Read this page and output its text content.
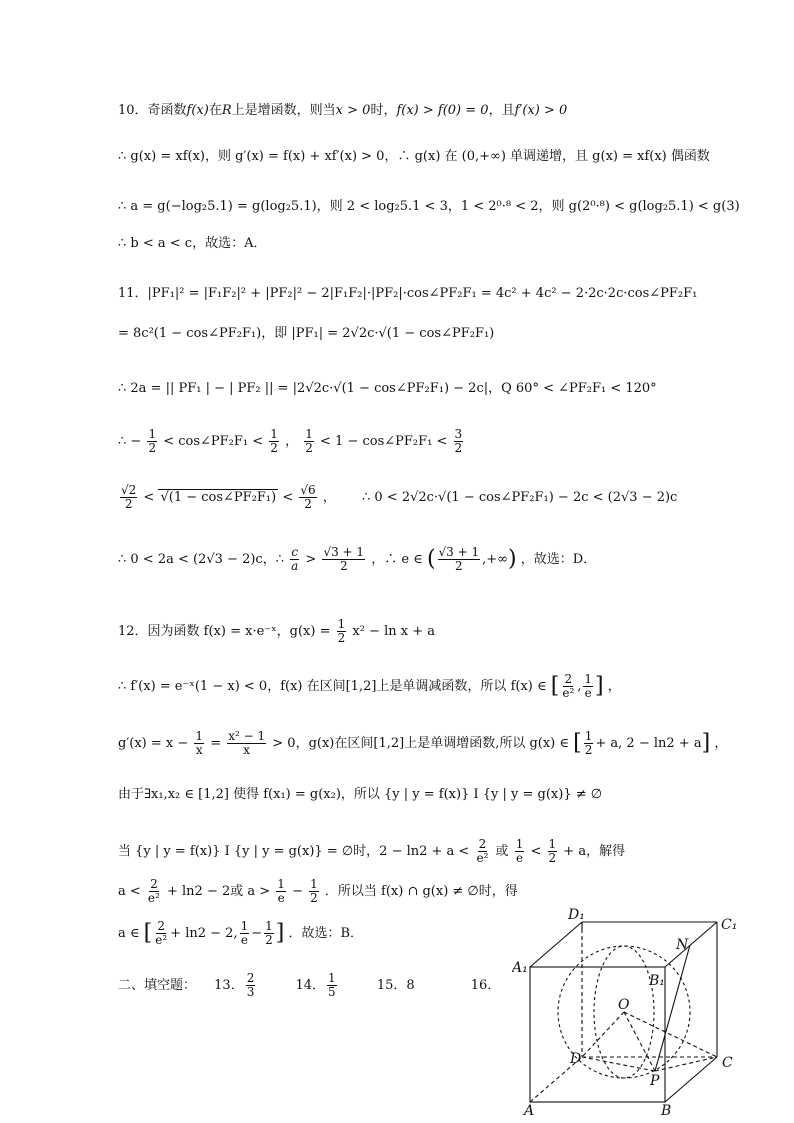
10．奇函数f(x)在R上是增函数，则当x > 0时，f(x) > f(0) = 0，且f′(x) > 0
∴ g(x) = xf(x)，则 g′(x) = f(x) + xf′(x) > 0，∴ g(x) 在 (0,+∞) 单调递增，且 g(x) = xf(x) 偶函数
∴ a = g(−log₂5.1) = g(log₂5.1)，则 2 < log₂5.1 < 3，1 < 2⁰·⁸ < 2，则 g(2⁰·⁸) < g(log₂5.1) < g(3)
∴ b < a < c，故选：A．
11．|PF₁|² = |F₁F₂|² + |PF₂|² − 2|F₁F₂|·|PF₂|·cos∠PF₂F₁ = 4c² + 4c² − 2·2c·2c·cos∠PF₂F₁
= 8c²(1 − cos∠PF₂F₁)，即 |PF₁| = 2√2c·√(1 − cos∠PF₂F₁)
∴ 2a = || PF₁ | − | PF₂ || = |2√2c·√(1 − cos∠PF₂F₁) − 2c|，Q 60° < ∠PF₂F₁ < 120°
∴ − $\frac{1}{2}$ < cos∠PF₂F₁ < $\frac{1}{2}$ ， $\frac{1}{2} < 1$ − cos∠PF₂F₁ < $\frac{3}{2}$
$\frac{√2}{2} < √(1$ − cos∠PF₂F₁) < $\frac{√6}{2}$ ， ∴ 0 < 2√2c·√(1 − cos∠PF₂F₁) − 2c < (2√3 − 2)c
∴ 0 < 2a < (2√3 − 2)c，∴ $\frac{c}{a} > \frac{√3 + 1}{2}$ ，∴ e ∈ ( $\frac{√3 + 1}{2}$ ,+∞) ，故选：D．
12．因为函数 f(x) = x·e⁻ˣ，$g(x) = \frac{1}{2} x^2 - \ln x + a$
∴ f′(x) = e⁻ˣ(1 − x) < 0，f(x) 在区间[1,2]上是单调减函数，所以 f(x) ∈ [ $\frac{2}{\text{e²}}$ , $\frac{1}{e}$ ] ，
$g'(x) = x - \frac{1}{x} = \frac{\text{x² − 1}}{x} > 0$，g(x)在区间[1,2]上是单调增函数,所以 g(x) ∈ [ $\frac{1}{2} + a$, 2 − ln2 + a] ，
由于∃x₁,x₂ ∈ [1,2] 使得 f(x₁) = g(x₂)，所以 {y | y = f(x)} I {y | y = g(x)} ≠ ∅
当 {y | y = f(x)} I {y | y = g(x)} = ∅时，$2 - \ln 2 + a < \frac{2}{\text{e²}}$ 或 $\frac{1}{e} < \frac{1}{2} + a$，解得
$a < \frac{2}{\text{e²}} + \ln 2 - 2$或 $a > \frac{1}{e} - \frac{1}{2}$ ．所以当 f(x) ∩ g(x) ≠ ∅时，得
a ∈ [ $\frac{2}{\text{e²}} + \ln 2 - 2$, $\frac{1}{e} - \frac{1}{2}$ ] ．故选：B．
二、填空题： 13． $\frac{2}{3}$	14． $\frac{1}{5}$	15．8	16．
D₁
C₁
A₁
B₁
N
O
D	C
P
A	B
